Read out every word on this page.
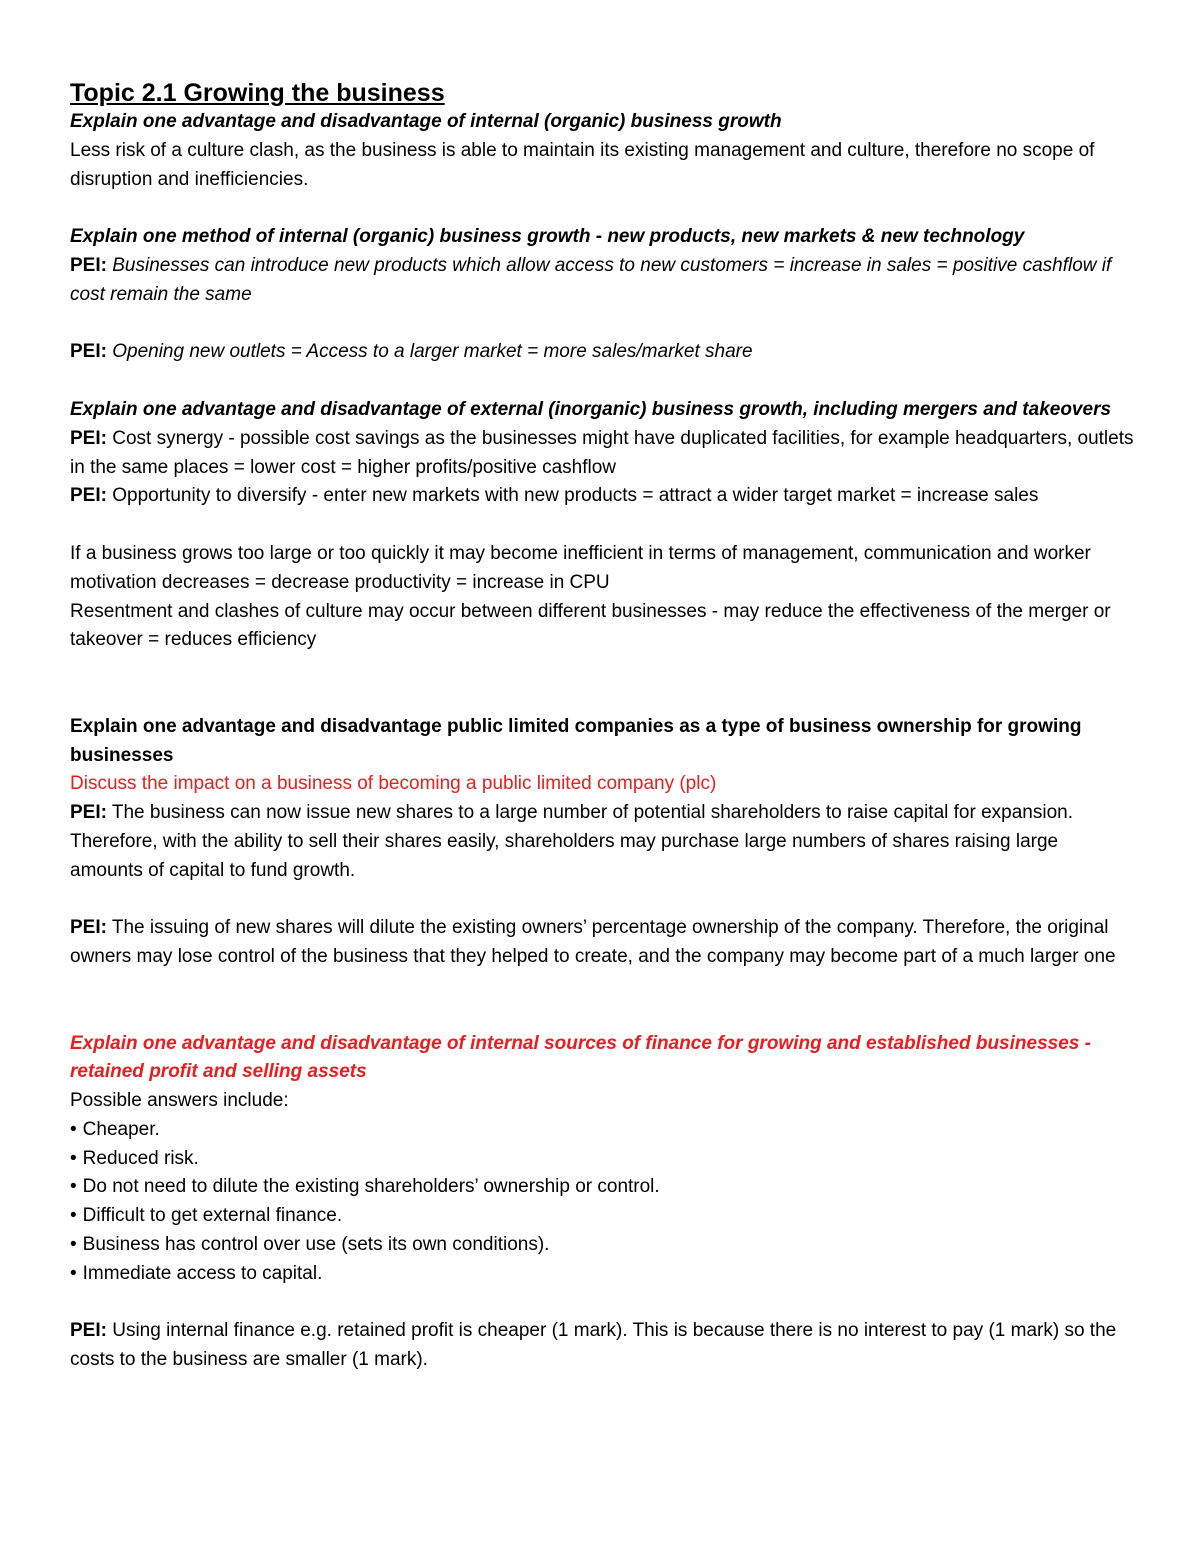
Topic 2.1 Growing the business

Explain one advantage and disadvantage of internal (organic) business growth

Less risk of a culture clash, as the business is able to maintain its existing management and culture, therefore no scope of disruption and inefficiencies.

Explain one method of internal (organic) business growth - new products, new markets & new technology

PEI: Businesses can introduce new products which allow access to new customers = increase in sales = positive cashflow if cost remain the same

PEI: Opening new outlets = Access to a larger market = more sales/market share

Explain one advantage and disadvantage of external (inorganic) business growth, including mergers and takeovers

PEI: Cost synergy - possible cost savings as the businesses might have duplicated facilities, for example headquarters, outlets in the same places = lower cost = higher profits/positive cashflow

PEI: Opportunity to diversify - enter new markets with new products = attract a wider target market = increase sales

If a business grows too large or too quickly it may become inefficient in terms of management, communication and worker motivation decreases = decrease productivity = increase in CPU

Resentment and clashes of culture may occur between different businesses - may reduce the effectiveness of the merger or takeover = reduces efficiency

Explain one advantage and disadvantage public limited companies as a type of business ownership for growing businesses

Discuss the impact on a business of becoming a public limited company (plc)

PEI: The business can now issue new shares to a large number of potential shareholders to raise capital for expansion. Therefore, with the ability to sell their shares easily, shareholders may purchase large numbers of shares raising large amounts of capital to fund growth.

PEI: The issuing of new shares will dilute the existing owners’ percentage ownership of the company. Therefore, the original owners may lose control of the business that they helped to create, and the company may become part of a much larger one

Explain one advantage and disadvantage of internal sources of finance for growing and established businesses - retained profit and selling assets

Possible answers include:

• Cheaper.
• Reduced risk.
• Do not need to dilute the existing shareholders’ ownership or control.
• Difficult to get external finance.
• Business has control over use (sets its own conditions).
• Immediate access to capital.

PEI: Using internal finance e.g. retained profit is cheaper (1 mark). This is because there is no interest to pay (1 mark) so the costs to the business are smaller (1 mark).
